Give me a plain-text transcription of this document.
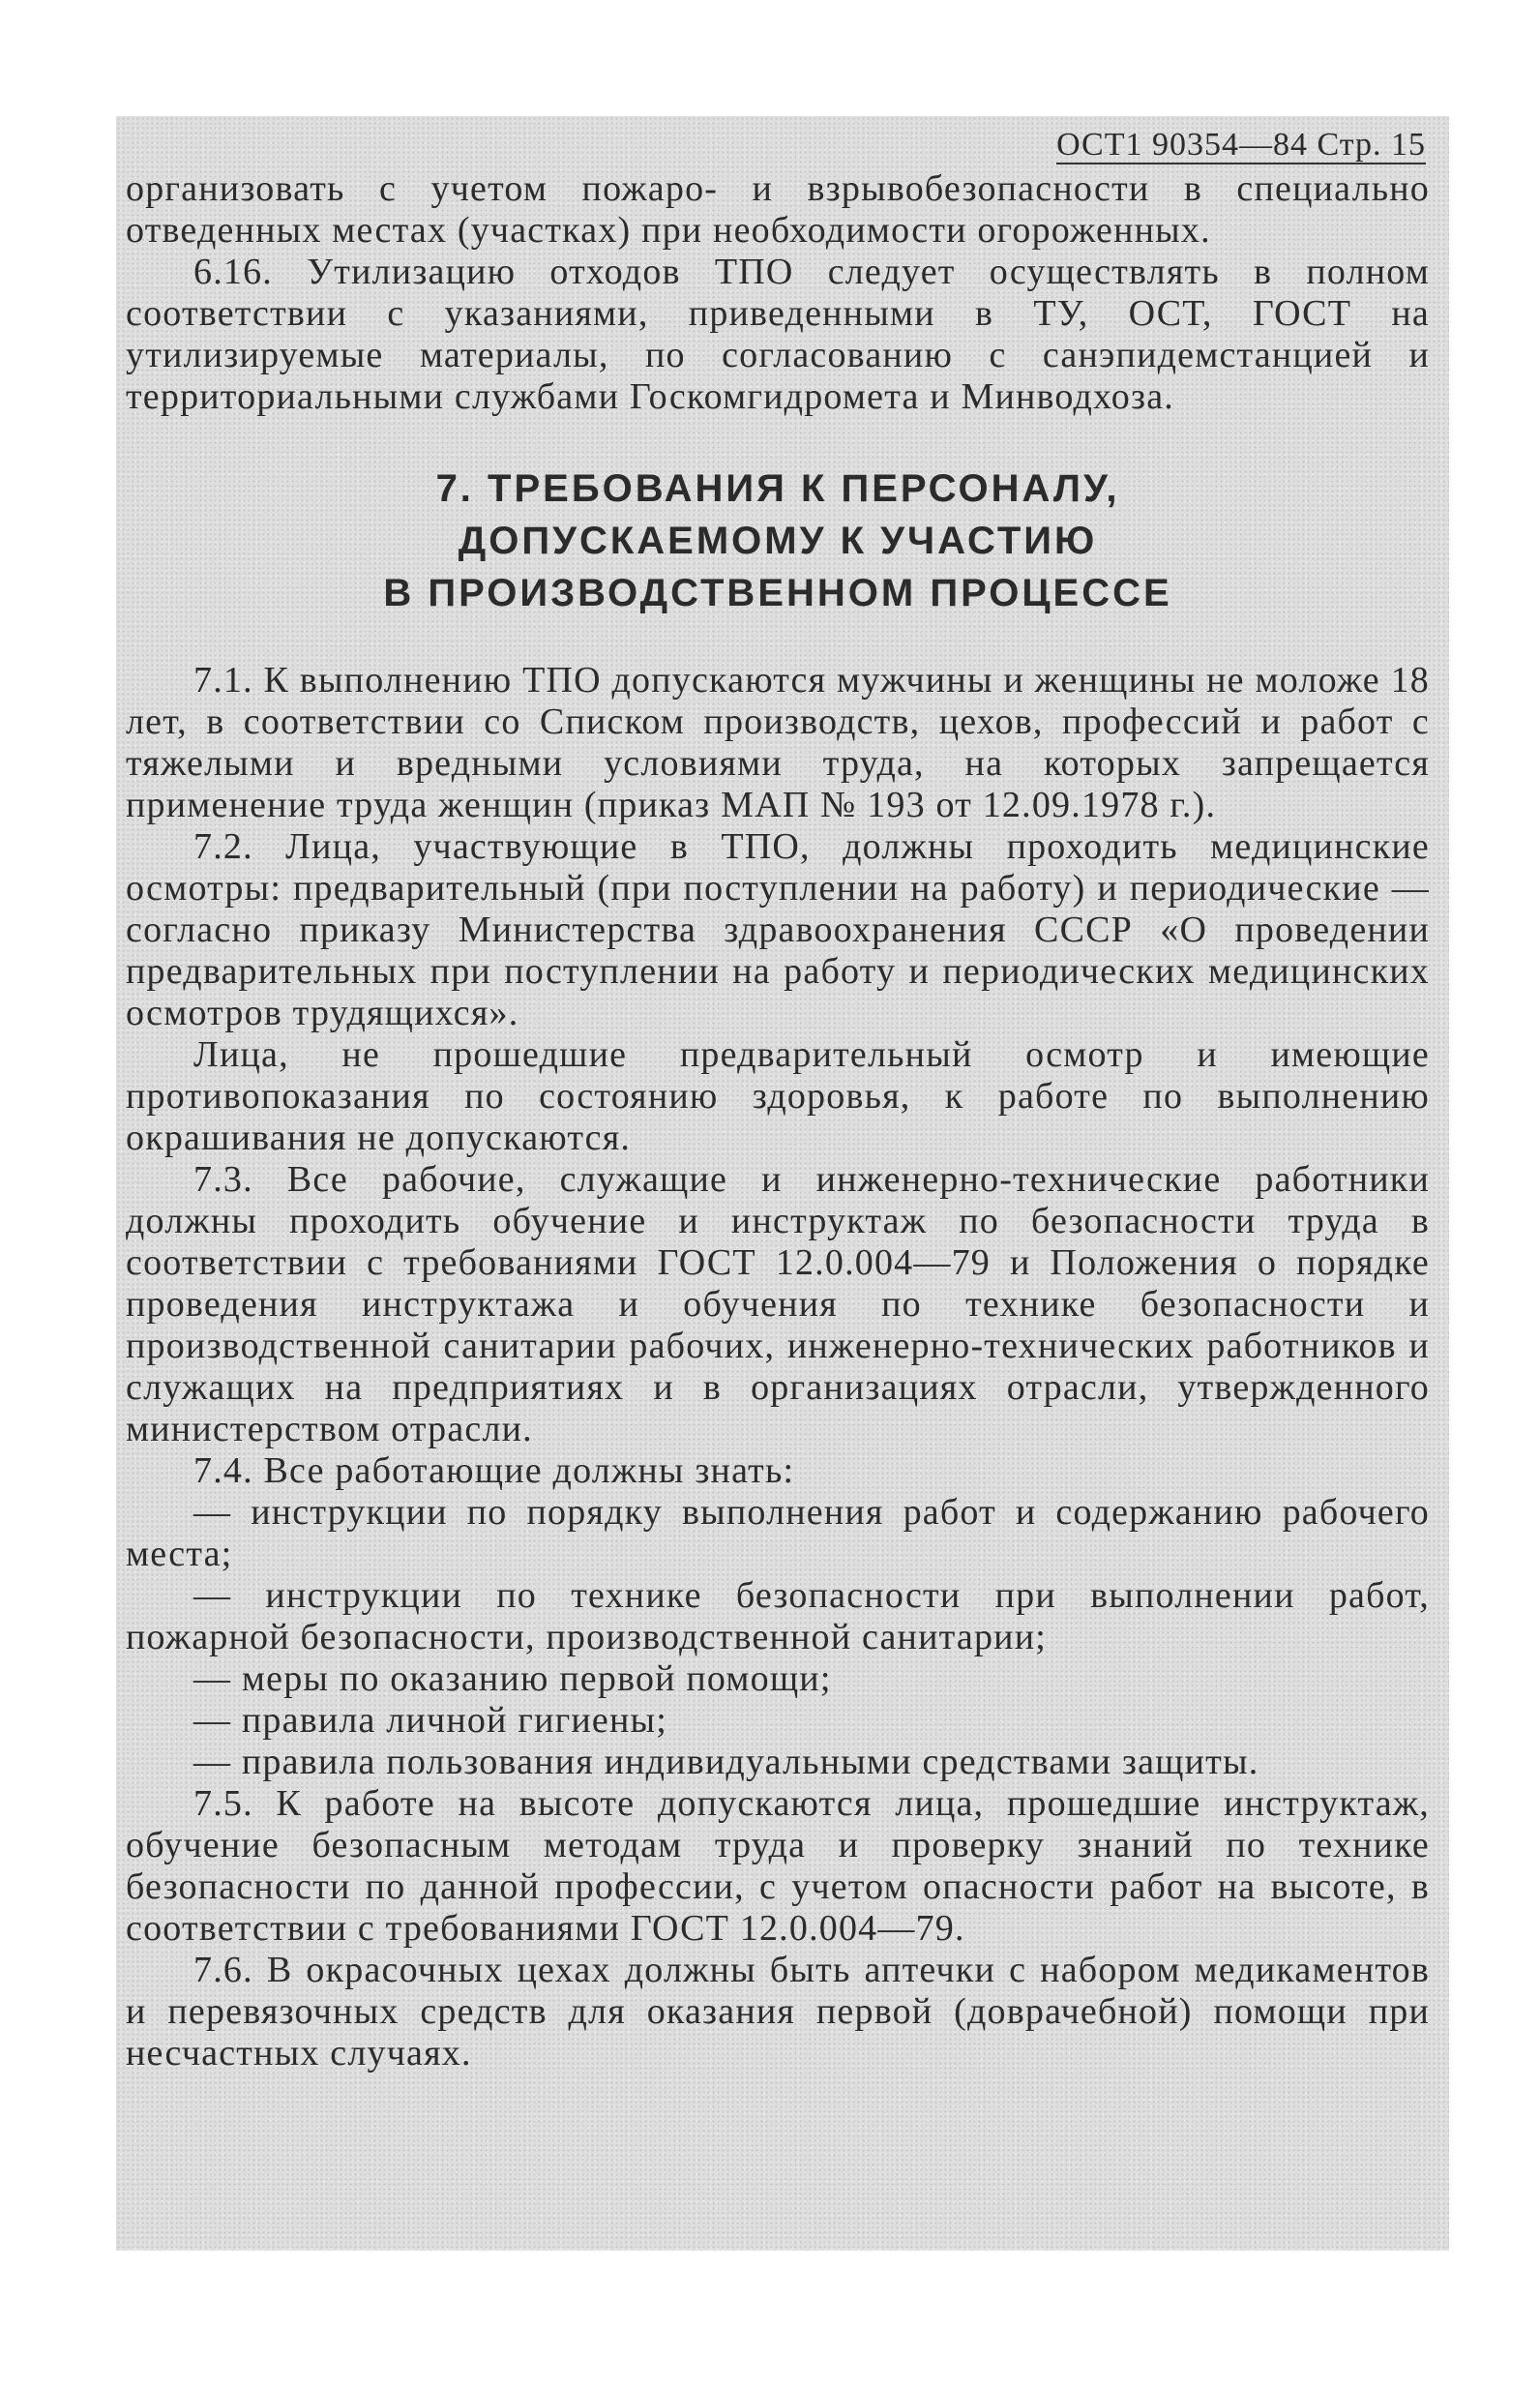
ОСТ1 90354—84 Стр. 15

организовать с учетом пожаро- и взрывобезопасности в специально отведенных местах (участках) при необходимости огороженных.

6.16. Утилизацию отходов ТПО следует осуществлять в полном соответствии с указаниями, приведенными в ТУ, ОСТ, ГОСТ на утилизируемые материалы, по согласованию с санэпидемстанцией и территориальными службами Госкомгидромета и Минводхоза.

7. ТРЕБОВАНИЯ К ПЕРСОНАЛУ,
ДОПУСКАЕМОМУ К УЧАСТИЮ
В ПРОИЗВОДСТВЕННОМ ПРОЦЕССЕ

7.1. К выполнению ТПО допускаются мужчины и женщины не моложе 18 лет, в соответствии со Списком производств, цехов, профессий и работ с тяжелыми и вредными условиями труда, на которых запрещается применение труда женщин (приказ МАП № 193 от 12.09.1978 г.).

7.2. Лица, участвующие в ТПО, должны проходить медицинские осмотры: предварительный (при поступлении на работу) и периодические — согласно приказу Министерства здравоохранения СССР «О проведении предварительных при поступлении на работу и периодических медицинских осмотров трудящихся».

Лица, не прошедшие предварительный осмотр и имеющие противопоказания по состоянию здоровья, к работе по выполнению окрашивания не допускаются.

7.3. Все рабочие, служащие и инженерно-технические работники должны проходить обучение и инструктаж по безопасности труда в соответствии с требованиями ГОСТ 12.0.004—79 и Положения о порядке проведения инструктажа и обучения по технике безопасности и производственной санитарии рабочих, инженерно-технических работников и служащих на предприятиях и в организациях отрасли, утвержденного министерством отрасли.

7.4. Все работающие должны знать:

— инструкции по порядку выполнения работ и содержанию рабочего места;
— инструкции по технике безопасности при выполнении работ, пожарной безопасности, производственной санитарии;
— меры по оказанию первой помощи;
— правила личной гигиены;
— правила пользования индивидуальными средствами защиты.

7.5. К работе на высоте допускаются лица, прошедшие инструктаж, обучение безопасным методам труда и проверку знаний по технике безопасности по данной профессии, с учетом опасности работ на высоте, в соответствии с требованиями ГОСТ 12.0.004—79.

7.6. В окрасочных цехах должны быть аптечки с набором медикаментов и перевязочных средств для оказания первой (доврачебной) помощи при несчастных случаях.
